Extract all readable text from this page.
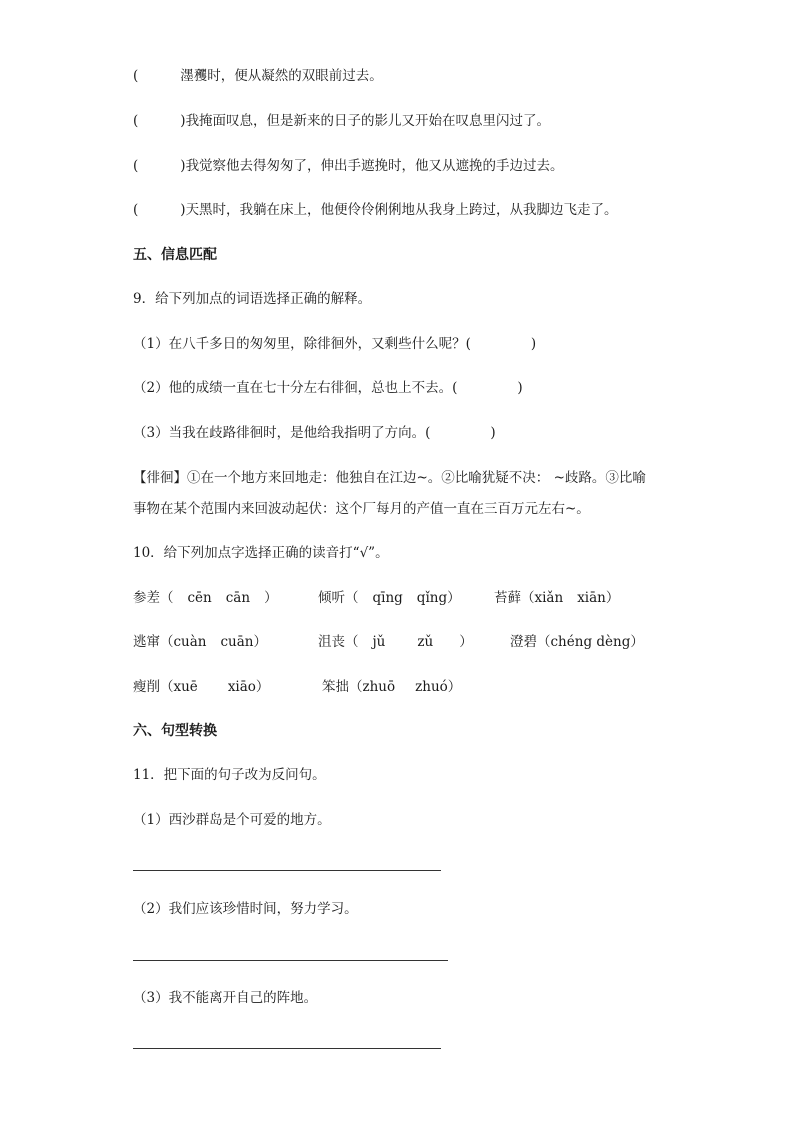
(	濹矡时，便从凝然的双眼前过去。
(	)我掩面叹息，但是新来的日子的影儿又开始在叹息里闪过了。
(	)我觉察他去得匆匆了，伸出手遮挽时，他又从遮挽的手边过去。
(	)天黑时，我躺在床上，他便伶伶俐俐地从我身上跨过，从我脚边飞走了。
五、信息匹配
9．给下列加点的词语选择正确的解释。
（1）在八千多日的匆匆里，除徘徊外，又剩些什么呢？(	)
（2）他的成绩一直在七十分左右徘徊，总也上不去。(	)
（3）当我在歧路徘徊时，是他给我指明了方向。(	)
【徘徊】①在一个地方来回地走：他独自在江边~。②比喻犹疑不决： ~歧路。③比喻
事物在某个范围内来回波动起伏：这个厂每月的产值一直在三百万元左右~。
10．给下列加点字选择正确的读音打“√”。
参差（ cēn cān ）	倾听（ qīng qǐng） 苔藓（xiǎn xiān）
逃窜（cuàn cuān）	沮丧（ jǔ zǔ ）	澄碧（chéng dèng）
瘦削（xuē xiāo）	笨拙（zhuō zhuó）
六、句型转换
11．把下面的句子改为反问句。
（1）西沙群岛是个可爱的地方。
（2）我们应该珍惜时间，努力学习。
（3）我不能离开自己的阵地。
